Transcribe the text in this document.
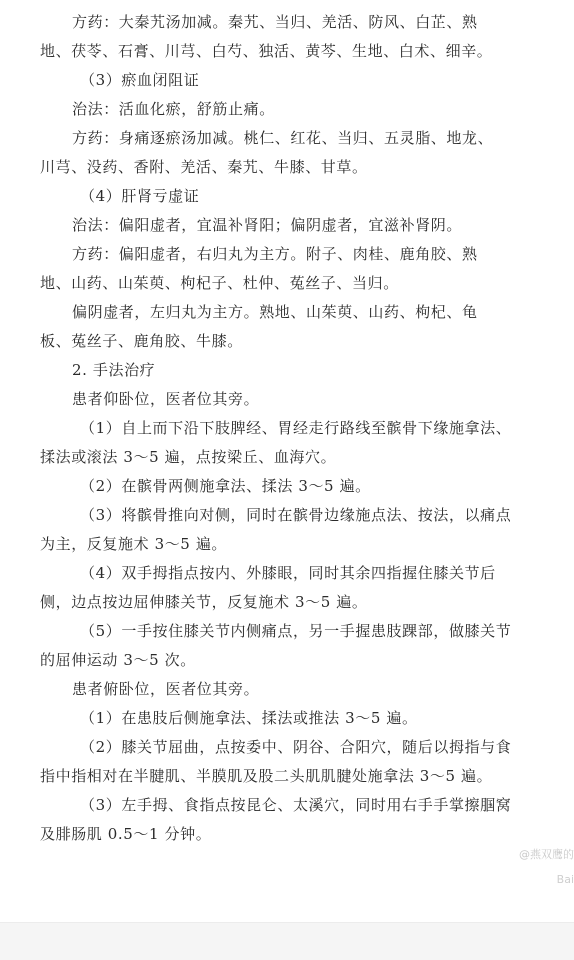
方药：大秦艽汤加减。秦艽、当归、羌活、防风、白芷、熟
地、茯苓、石膏、川芎、白芍、独活、黄芩、生地、白术、细辛。
（3）瘀血闭阻证
治法：活血化瘀，舒筋止痛。
方药：身痛逐瘀汤加减。桃仁、红花、当归、五灵脂、地龙、
川芎、没药、香附、羌活、秦艽、牛膝、甘草。
（4）肝肾亏虚证
治法：偏阳虚者，宜温补肾阳；偏阴虚者，宜滋补肾阴。
方药：偏阳虚者，右归丸为主方。附子、肉桂、鹿角胶、熟
地、山药、山茱萸、枸杞子、杜仲、菟丝子、当归。
偏阴虚者，左归丸为主方。熟地、山茱萸、山药、枸杞、龟
板、菟丝子、鹿角胶、牛膝。
2. 手法治疗
患者仰卧位，医者位其旁。
（1）自上而下沿下肢脾经、胃经走行路线至髌骨下缘施拿法、
揉法或滚法 3～5 遍，点按梁丘、血海穴。
（2）在髌骨两侧施拿法、揉法 3～5 遍。
（3）将髌骨推向对侧，同时在髌骨边缘施点法、按法，以痛点
为主，反复施术 3～5 遍。
（4）双手拇指点按内、外膝眼，同时其余四指握住膝关节后
侧，边点按边屈伸膝关节，反复施术 3～5 遍。
（5）一手按住膝关节内侧痛点，另一手握患肢踝部，做膝关节
的屈伸运动 3～5 次。
患者俯卧位，医者位其旁。
（1）在患肢后侧施拿法、揉法或推法 3～5 遍。
（2）膝关节屈曲，点按委中、阴谷、合阳穴，随后以拇指与食
指中指相对在半腱肌、半膜肌及股二头肌肌腱处施拿法 3～5 遍。
（3）左手拇、食指点按昆仑、太溪穴，同时用右手手掌擦腘窝
及腓肠肌 0.5～1 分钟。
@燕双鹰的
Bai
